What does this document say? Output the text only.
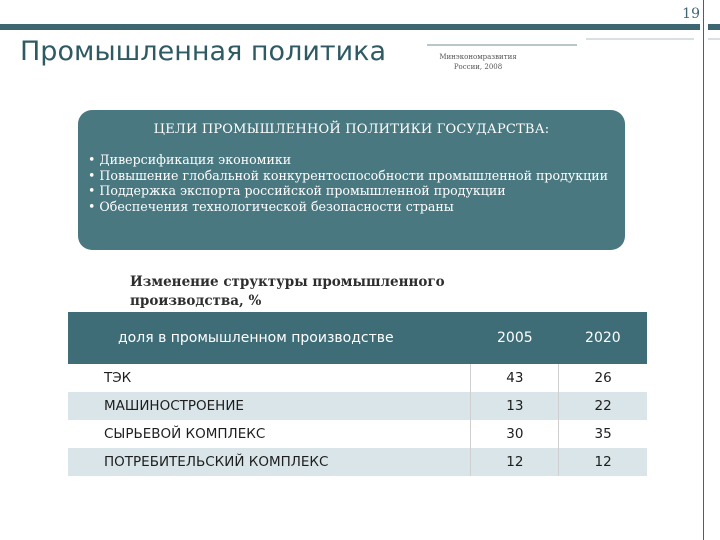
19
Промышленная политика	Минэкономразвития России, 2008
ЦЕЛИ ПРОМЫШЛЕННОЙ ПОЛИТИКИ ГОСУДАРСТВА:
• Диверсификация экономики
• Повышение глобальной конкурентоспособности промышленной продукции
• Поддержка экспорта российской промышленной продукции
• Обеспечения технологической безопасности страны
Изменение структуры промышленного производства, %
доля в промышленном производстве	2005	2020
ТЭК	43	26
МАШИНОСТРОЕНИЕ	13	22
СЫРЬЕВОЙ КОМПЛЕКС	30	35
ПОТРЕБИТЕЛЬСКИЙ КОМПЛЕКС	12	12
